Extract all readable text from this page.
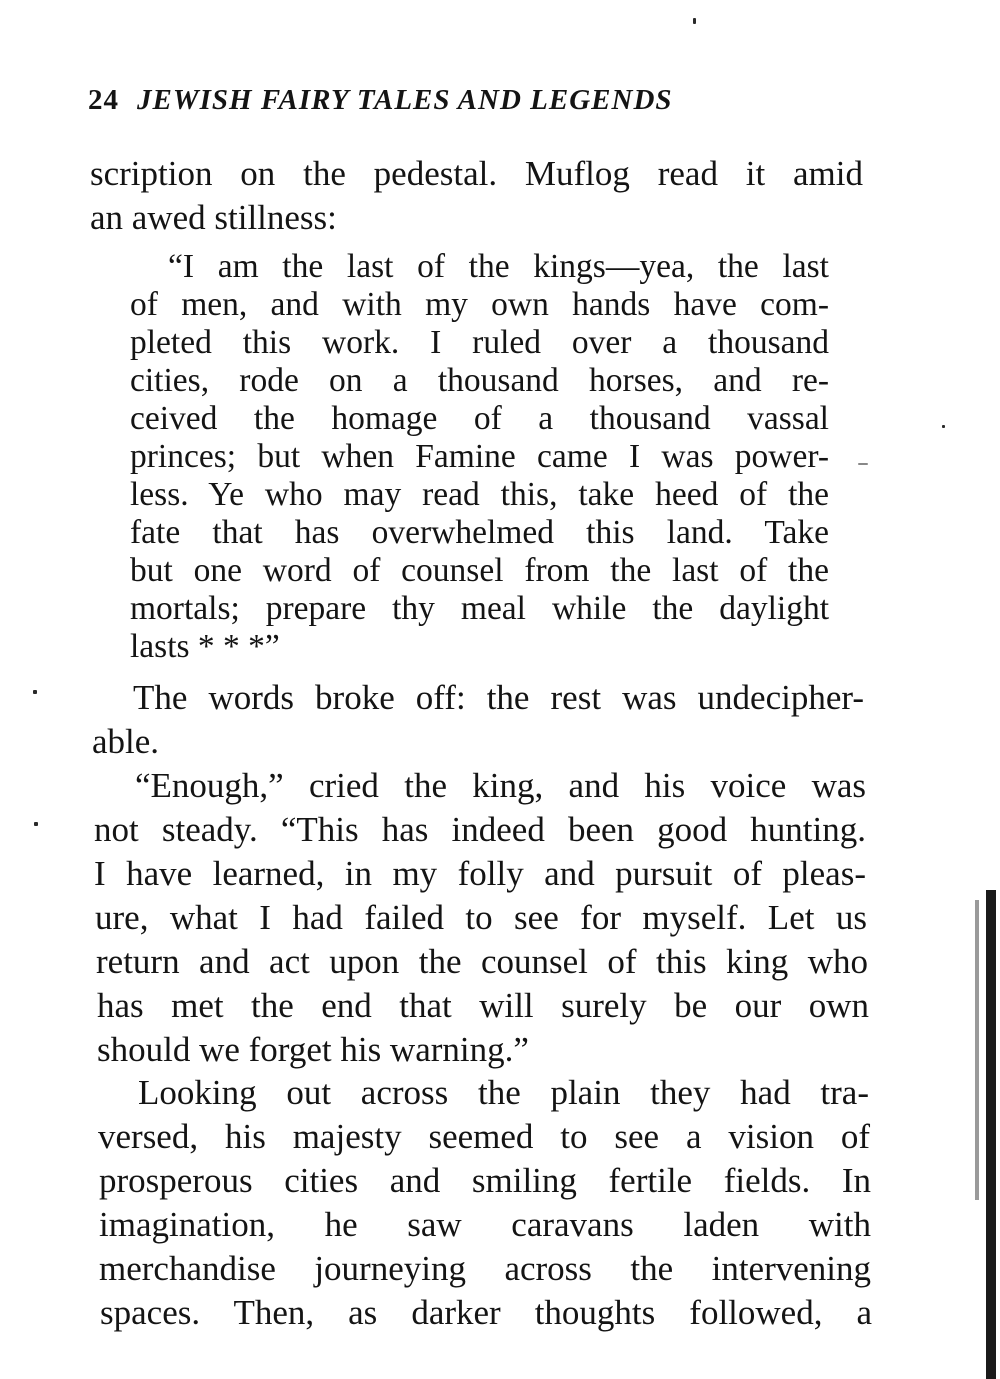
24 JEWISH FAIRY TALES AND LEGENDS
scription on the pedestal. Muflog read it amid
an awed stillness:
“I am the last of the kings—yea, the last
of men, and with my own hands have com-
pleted this work. I ruled over a thousand
cities, rode on a thousand horses, and re-
ceived the homage of a thousand vassal
princes; but when Famine came I was power-
less. Ye who may read this, take heed of the
fate that has overwhelmed this land. Take
but one word of counsel from the last of the
mortals; prepare thy meal while the daylight
lasts * * *”
The words broke off: the rest was undecipher-
able.
“Enough,” cried the king, and his voice was
not steady. “This has indeed been good hunting.
I have learned, in my folly and pursuit of pleas-
ure, what I had failed to see for myself. Let us
return and act upon the counsel of this king who
has met the end that will surely be our own
should we forget his warning.”
Looking out across the plain they had tra-
versed, his majesty seemed to see a vision of
prosperous cities and smiling fertile fields. In
imagination, he saw caravans laden with
merchandise journeying across the intervening
spaces. Then, as darker thoughts followed, a
